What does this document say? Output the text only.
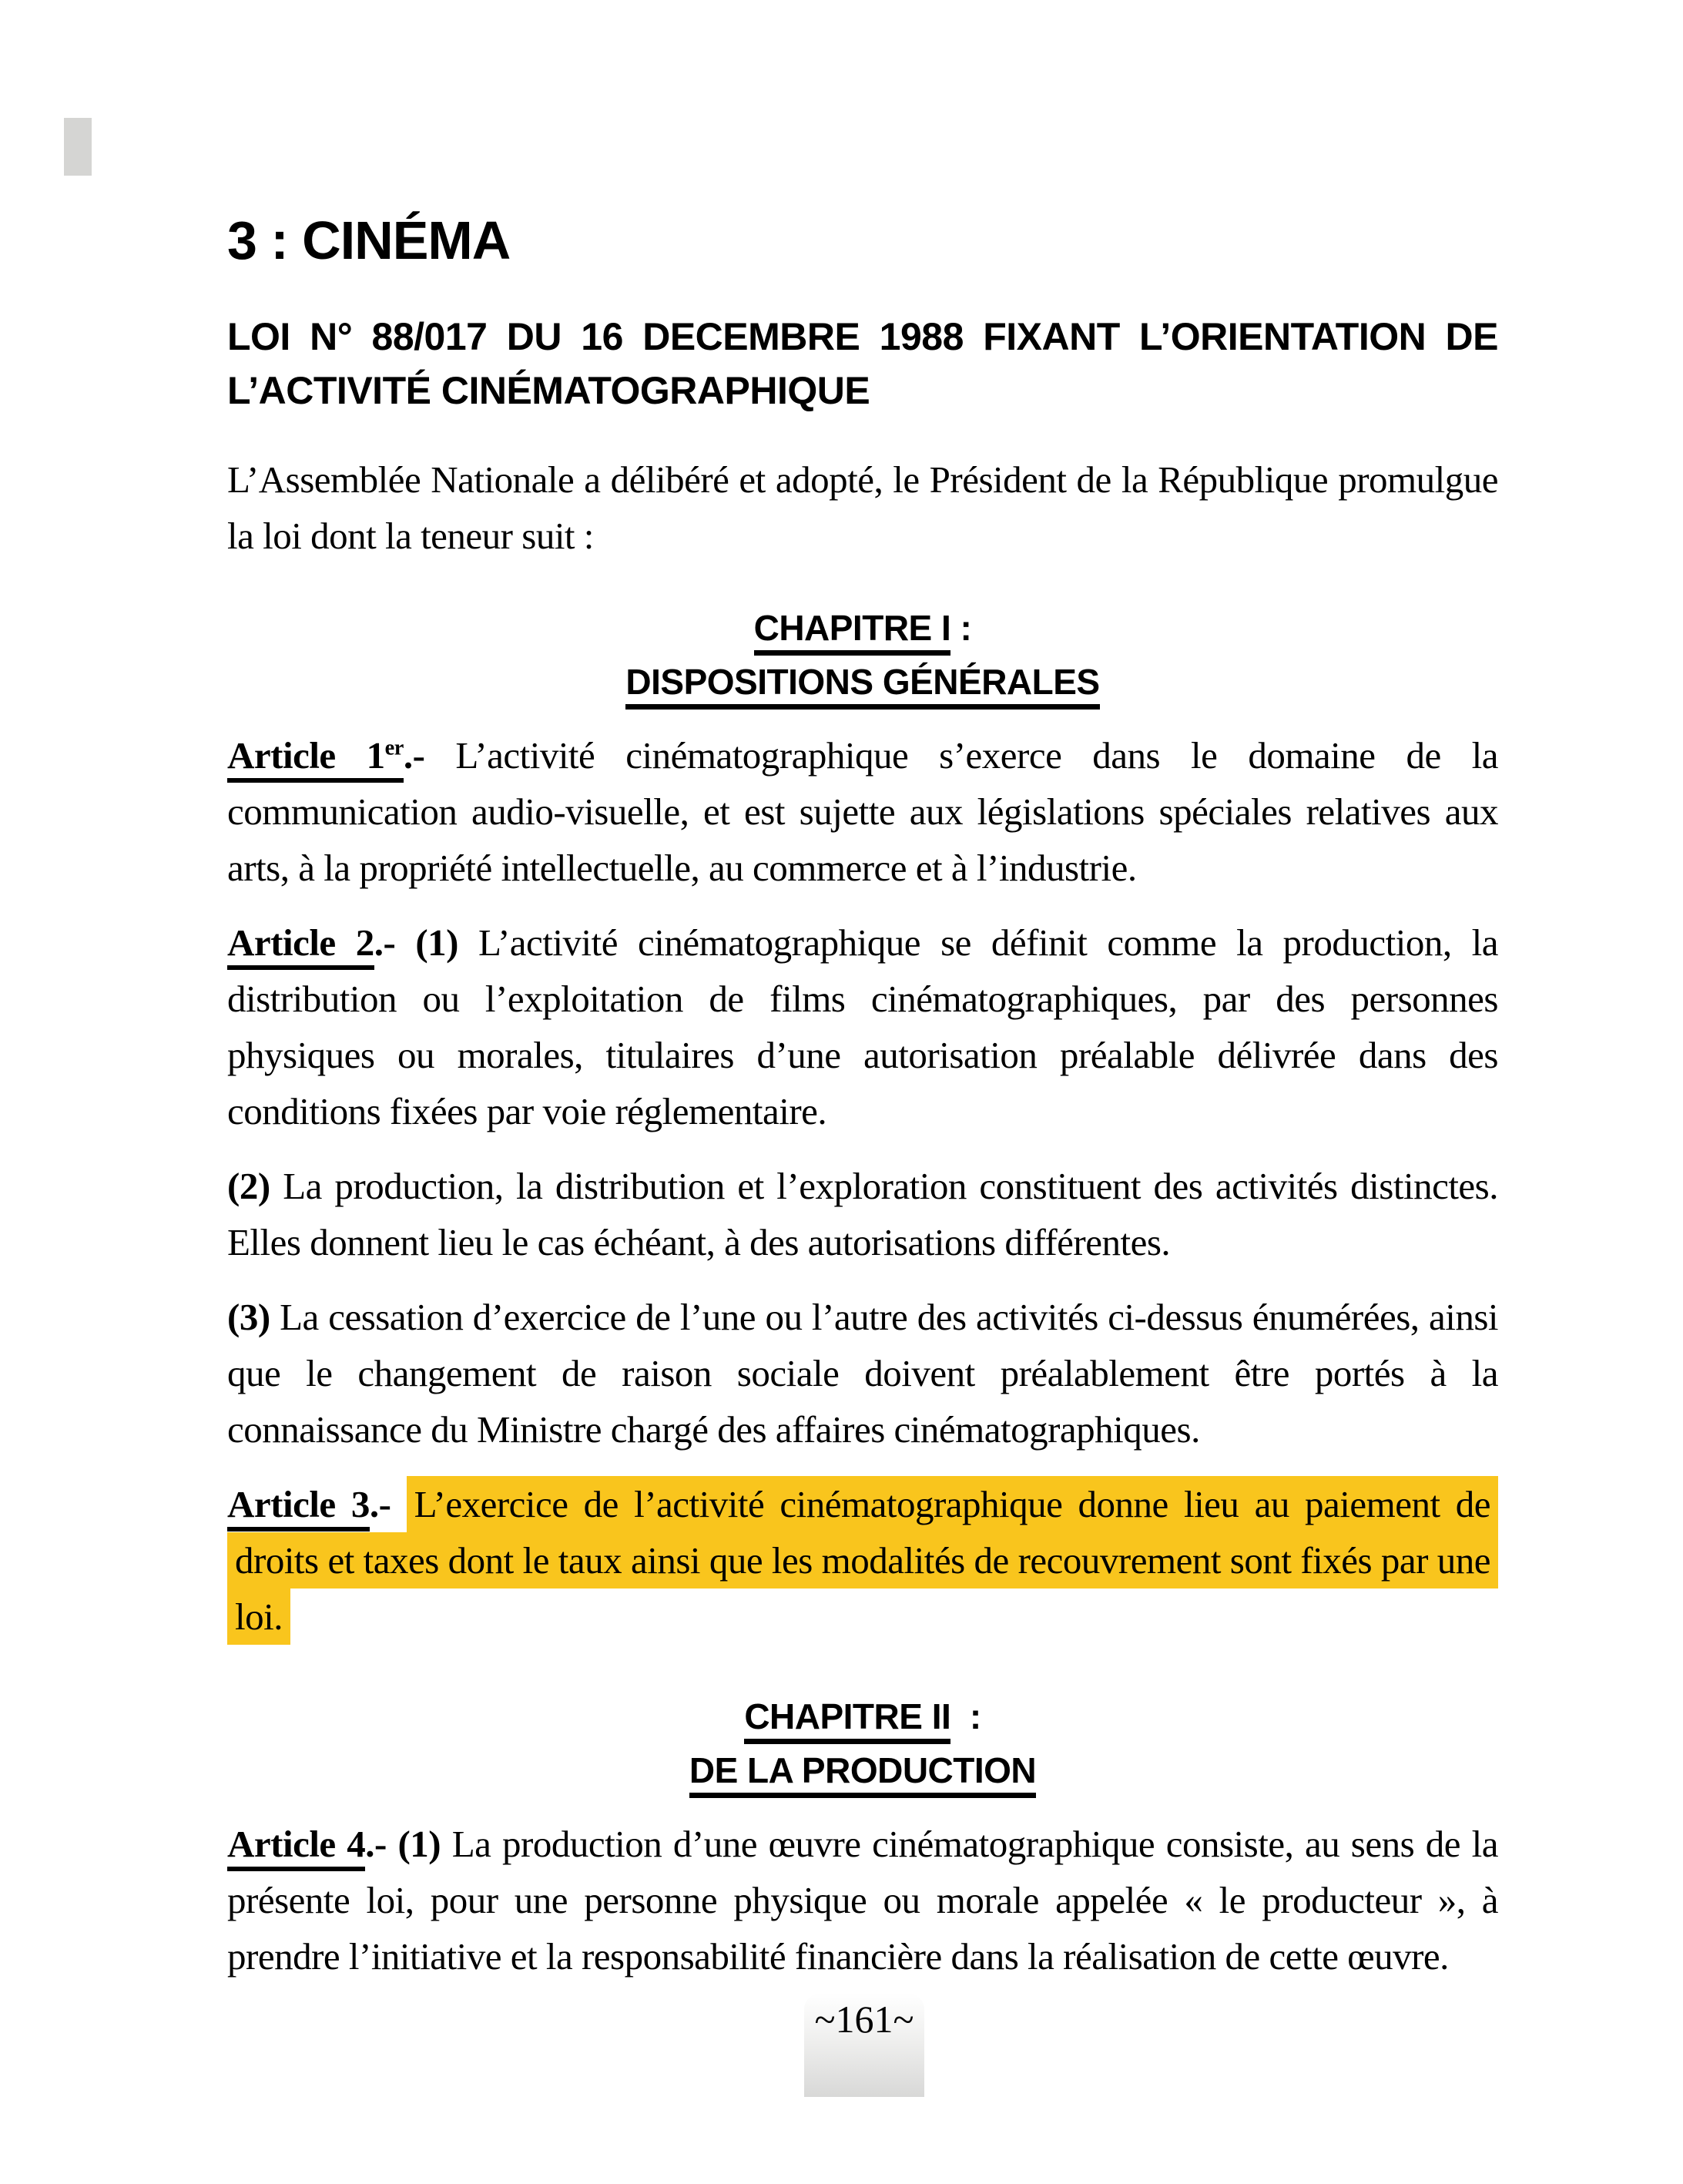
3 : CINÉMA
LOI N° 88/017 DU 16 DECEMBRE 1988 FIXANT L’ORIENTATION DE L’ACTIVITÉ CINÉMATOGRAPHIQUE

L’Assemblée Nationale a délibéré et adopté, le Président de la République promulgue la loi dont la teneur suit :

CHAPITRE I :
DISPOSITIONS GÉNÉRALES

Article 1er.- L’activité cinématographique s’exerce dans le domaine de la communication audio-visuelle, et est sujette aux législations spéciales relatives aux arts, à la propriété intellectuelle, au commerce et à l’industrie.

Article 2.- (1) L’activité cinématographique se définit comme la production, la distribution ou l’exploitation de films cinématographiques, par des personnes physiques ou morales, titulaires d’une autorisation préalable délivrée dans des conditions fixées par voie réglementaire.

(2) La production, la distribution et l’exploration constituent des activités distinctes. Elles donnent lieu le cas échéant, à des autorisations différentes.

(3) La cessation d’exercice de l’une ou l’autre des activités ci-dessus énumérées, ainsi que le changement de raison sociale doivent préalablement être portés à la connaissance du Ministre chargé des affaires cinématographiques.

Article 3.- L’exercice de l’activité cinématographique donne lieu au paiement de droits et taxes dont le taux ainsi que les modalités de recouvrement sont fixés par une loi.

CHAPITRE II  :
DE LA PRODUCTION

Article 4.- (1) La production d’une œuvre cinématographique consiste, au sens de la présente loi, pour une personne physique ou morale appelée « le producteur », à prendre l’initiative et la responsabilité financière dans la réalisation de cette œuvre.

~161~
